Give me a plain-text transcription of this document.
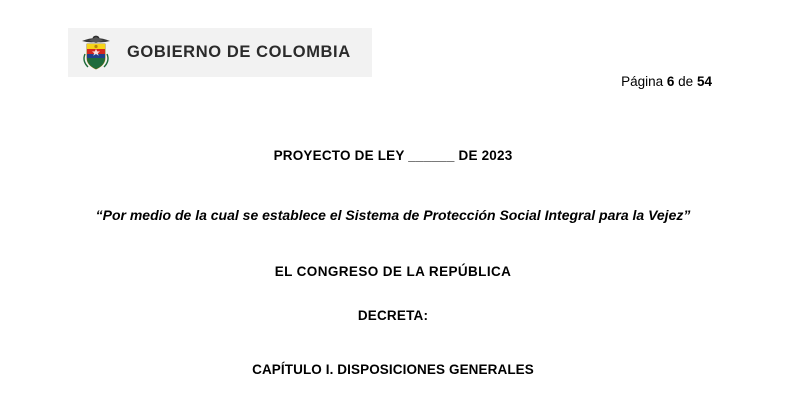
GOBIERNO DE COLOMBIA
Página 6 de 54
PROYECTO DE LEY ______ DE 2023
“Por medio de la cual se establece el Sistema de Protección Social Integral para la Vejez”
EL CONGRESO DE LA REPÚBLICA
DECRETA:
CAPÍTULO I. DISPOSICIONES GENERALES
